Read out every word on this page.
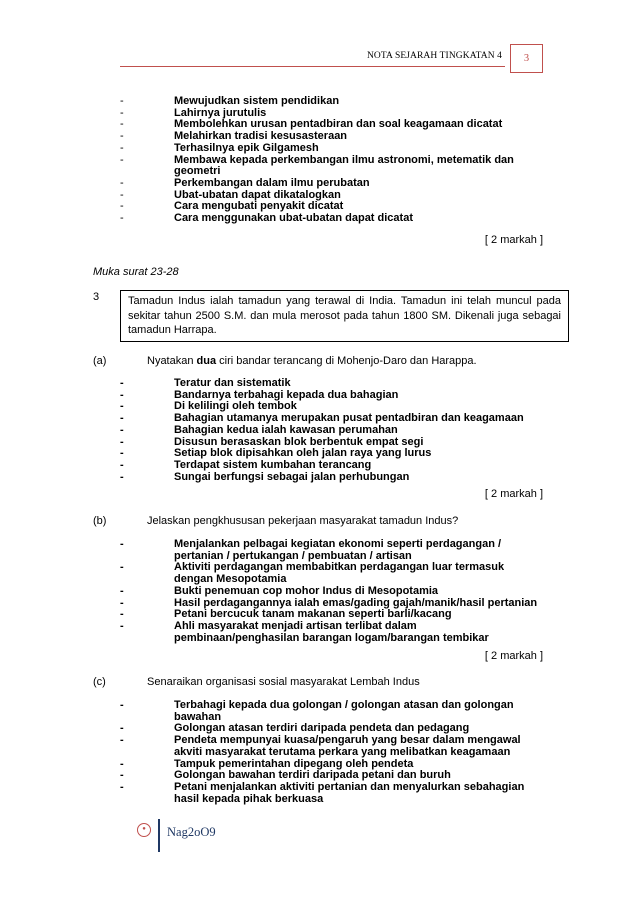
NOTA SEJARAH TINGKATAN 4	3
-	Mewujudkan sistem pendidikan
-	Lahirnya jurutulis
-	Membolehkan urusan pentadbiran dan soal keagamaan dicatat
-	Melahirkan tradisi kesusasteraan
-	Terhasilnya epik Gilgamesh
-	Membawa kepada perkembangan ilmu astronomi, metematik dan geometri
-	Perkembangan dalam ilmu perubatan
-	Ubat-ubatan dapat dikatalogkan
-	Cara mengubati penyakit dicatat
-	Cara menggunakan ubat-ubatan dapat dicatat
[ 2 markah ]
Muka surat 23-28
3	Tamadun Indus ialah tamadun yang terawal di India. Tamadun ini telah muncul pada sekitar tahun 2500 S.M. dan mula merosot pada tahun 1800 SM. Dikenali juga sebagai tamadun Harrapa.
(a)	Nyatakan dua ciri bandar terancang di Mohenjo-Daro dan Harappa.
-	Teratur dan sistematik
-	Bandarnya terbahagi kepada dua bahagian
-	Di kelilingi oleh tembok
-	Bahagian utamanya merupakan pusat pentadbiran dan keagamaan
-	Bahagian kedua ialah kawasan perumahan
-	Disusun berasaskan blok berbentuk empat segi
-	Setiap blok dipisahkan oleh jalan raya yang lurus
-	Terdapat sistem kumbahan terancang
-	Sungai berfungsi sebagai jalan perhubungan
[ 2 markah ]
(b)	Jelaskan pengkhususan pekerjaan masyarakat tamadun Indus?
-	Menjalankan pelbagai kegiatan ekonomi seperti perdagangan / pertanian / pertukangan / pembuatan / artisan
-	Aktiviti perdagangan membabitkan perdagangan luar termasuk dengan Mesopotamia
-	Bukti penemuan cop mohor Indus di Mesopotamia
-	Hasil perdagangannya ialah emas/gading gajah/manik/hasil pertanian
-	Petani bercucuk tanam makanan seperti barli/kacang
-	Ahli masyarakat menjadi artisan terlibat dalam pembinaan/penghasilan barangan logam/barangan tembikar
[ 2 markah ]
(c)	Senaraikan organisasi sosial masyarakat Lembah Indus
-	Terbahagi kepada dua golongan / golongan atasan dan golongan bawahan
-	Golongan atasan terdiri daripada pendeta dan pedagang
-	Pendeta mempunyai kuasa/pengaruh yang besar dalam mengawal akviti masyarakat terutama perkara yang melibatkan keagamaan
-	Tampuk pemerintahan dipegang oleh pendeta
-	Golongan bawahan terdiri daripada petani dan buruh
-	Petani menjalankan aktiviti pertanian dan menyalurkan sebahagian hasil kepada pihak berkuasa
●	Nag2oO9
